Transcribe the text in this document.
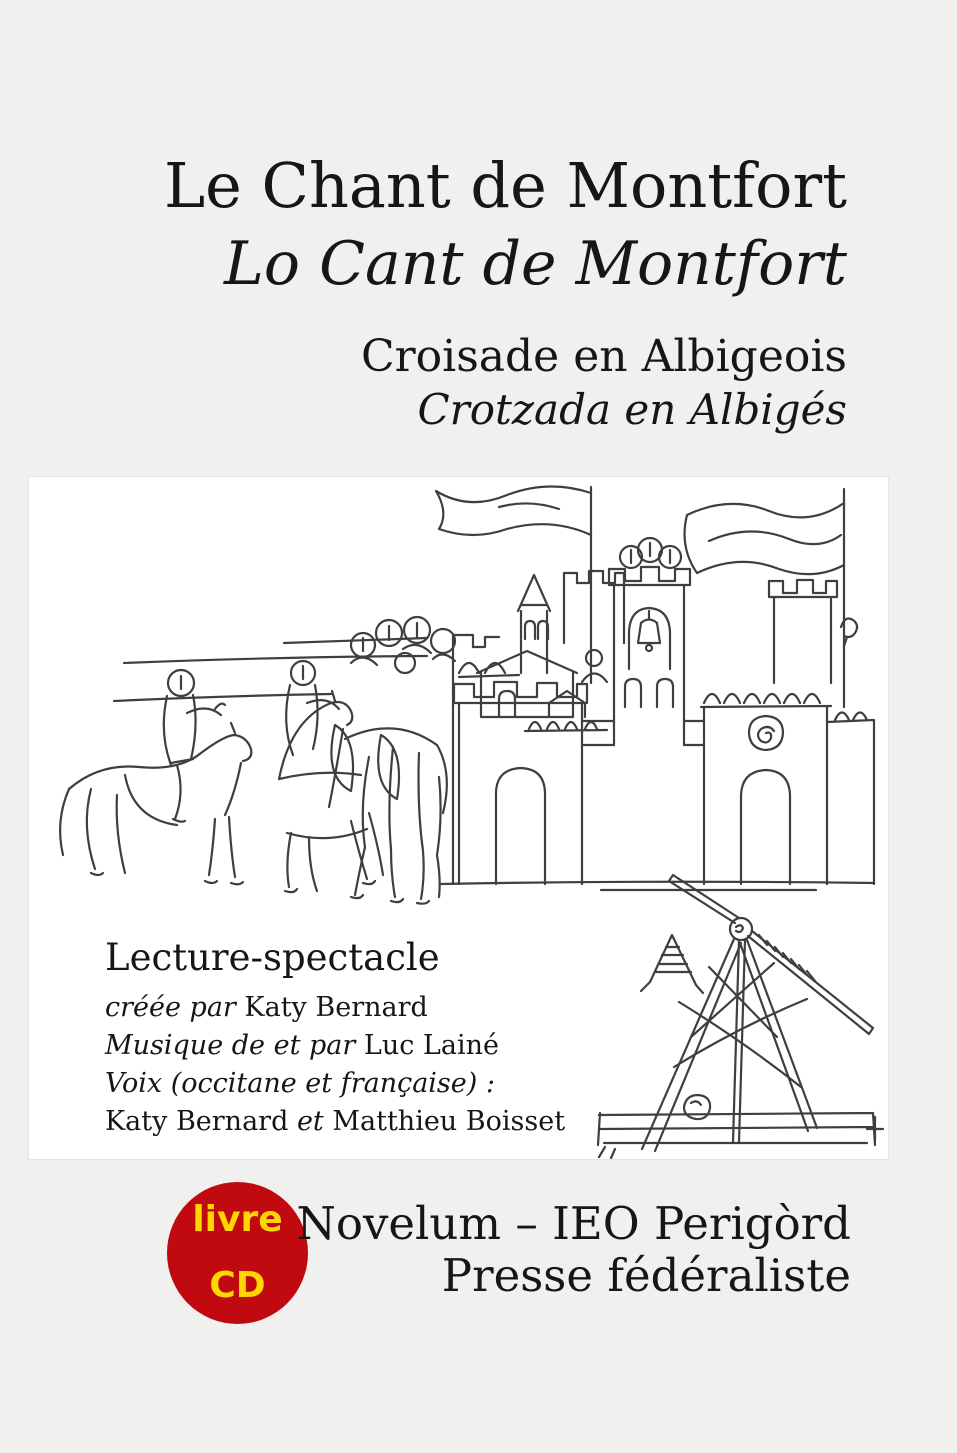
Le Chant de Montfort
Lo Cant de Montfort
Croisade en Albigeois
Crotzada en Albigés
Lecture-spectacle
créée par Katy Bernard
Musique de et par Luc Lainé
Voix (occitane et française) :
Katy Bernard et Matthieu Boisset
livre
CD
Novelum – IEO Perigòrd
Presse fédéraliste
